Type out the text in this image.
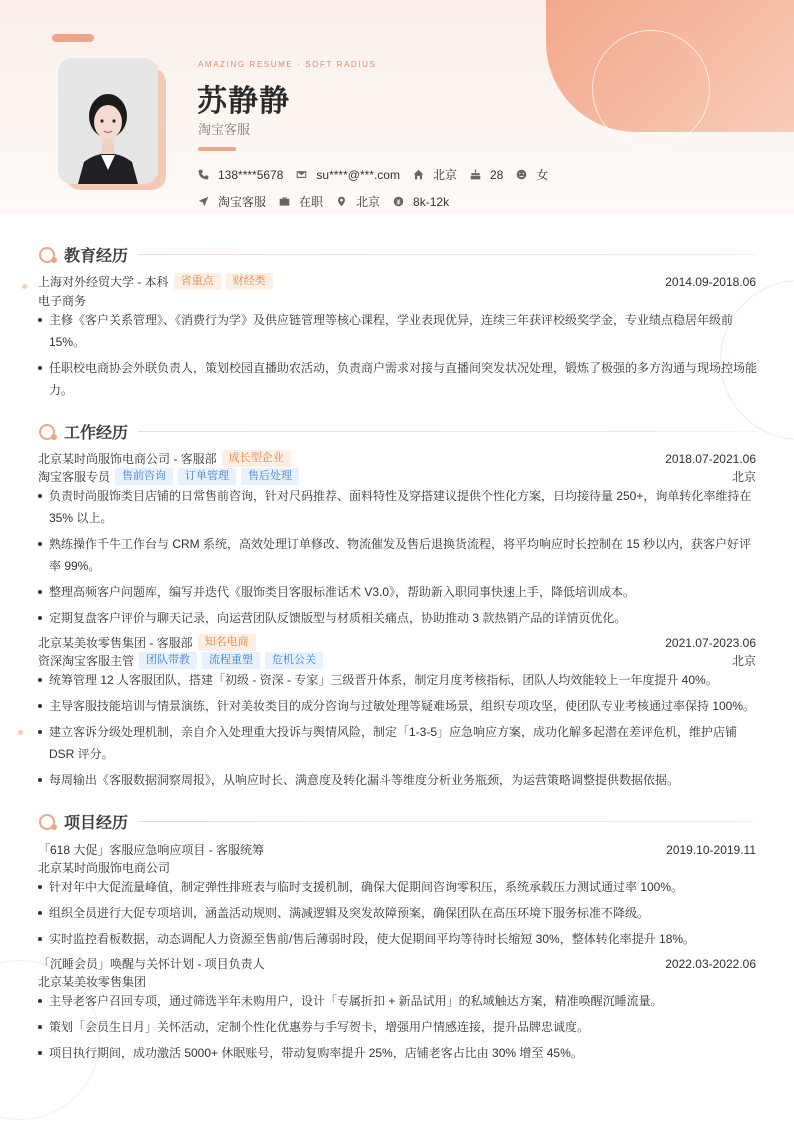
AMAZING RESUME · SOFT RADIUS
苏静静
淘宝客服
138****5678	su****@***.com	北京	28	女
淘宝客服	在职	北京	8k-12k
教育经历
上海对外经贸大学 - 本科	省重点	财经类	2014.09-2018.06
电子商务
主修《客户关系管理》、《消费行为学》及供应链管理等核心课程，学业表现优异，连续三年获评校级奖学金，专业绩点稳居年级前 15%。
任职校电商协会外联负责人，策划校园直播助农活动，负责商户需求对接与直播间突发状况处理，锻炼了极强的多方沟通与现场控场能力。
工作经历
北京某时尚服饰电商公司 - 客服部	成长型企业	2018.07-2021.06
淘宝客服专员	售前咨询	订单管理	售后处理	北京
负责时尚服饰类目店铺的日常售前咨询，针对尺码推荐、面料特性及穿搭建议提供个性化方案，日均接待量 250+，询单转化率维持在 35% 以上。
熟练操作千牛工作台与 CRM 系统，高效处理订单修改、物流催发及售后退换货流程，将平均响应时长控制在 15 秒以内，获客户好评率 99%。
整理高频客户问题库，编写并迭代《服饰类目客服标准话术 V3.0》，帮助新入职同事快速上手，降低培训成本。
定期复盘客户评价与聊天记录，向运营团队反馈版型与材质相关痛点，协助推动 3 款热销产品的详情页优化。
北京某美妆零售集团 - 客服部	知名电商	2021.07-2023.06
资深淘宝客服主管	团队带教	流程重塑	危机公关	北京
统筹管理 12 人客服团队，搭建「初级 - 资深 - 专家」三级晋升体系，制定月度考核指标，团队人均效能较上一年度提升 40%。
主导客服技能培训与情景演练，针对美妆类目的成分咨询与过敏处理等疑难场景，组织专项攻坚，使团队专业考核通过率保持 100%。
建立客诉分级处理机制，亲自介入处理重大投诉与舆情风险，制定「1-3-5」应急响应方案，成功化解多起潜在差评危机，维护店铺 DSR 评分。
每周输出《客服数据洞察周报》，从响应时长、满意度及转化漏斗等维度分析业务瓶颈，为运营策略调整提供数据依据。
项目经历
「618 大促」客服应急响应项目 - 客服统筹	2019.10-2019.11
北京某时尚服饰电商公司
针对年中大促流量峰值，制定弹性排班表与临时支援机制，确保大促期间咨询零积压，系统承载压力测试通过率 100%。
组织全员进行大促专项培训，涵盖活动规则、满减逻辑及突发故障预案，确保团队在高压环境下服务标准不降级。
实时监控看板数据，动态调配人力资源至售前/售后薄弱时段，使大促期间平均等待时长缩短 30%，整体转化率提升 18%。
「沉睡会员」唤醒与关怀计划 - 项目负责人	2022.03-2022.06
北京某美妆零售集团
主导老客户召回专项，通过筛选半年未购用户，设计「专属折扣 + 新品试用」的私域触达方案，精准唤醒沉睡流量。
策划「会员生日月」关怀活动，定制个性化优惠券与手写贺卡，增强用户情感连接，提升品牌忠诚度。
项目执行期间，成功激活 5000+ 休眠账号，带动复购率提升 25%，店铺老客占比由 30% 增至 45%。
